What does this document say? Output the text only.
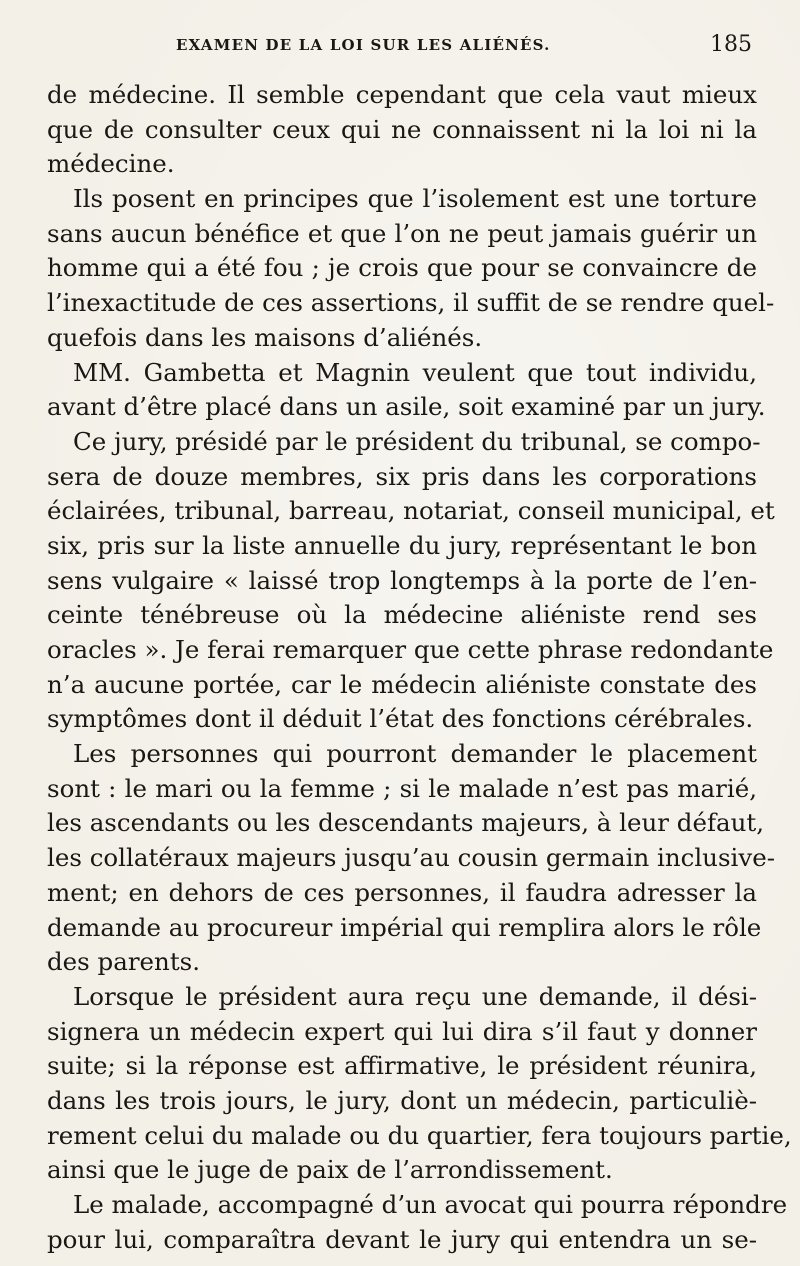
EXAMEN DE LA LOI SUR LES ALIÉNÉS.	185
de médecine. Il semble cependant que cela vaut mieux
que de consulter ceux qui ne connaissent ni la loi ni la
médecine.
Ils posent en principes que l’isolement est une torture
sans aucun bénéfice et que l’on ne peut jamais guérir un
homme qui a été fou ; je crois que pour se convaincre de
l’inexactitude de ces assertions, il suffit de se rendre quel-
quefois dans les maisons d’aliénés.
MM. Gambetta et Magnin veulent que tout individu,
avant d’être placé dans un asile, soit examiné par un jury.
Ce jury, présidé par le président du tribunal, se compo-
sera de douze membres, six pris dans les corporations
éclairées, tribunal, barreau, notariat, conseil municipal, et
six, pris sur la liste annuelle du jury, représentant le bon
sens vulgaire « laissé trop longtemps à la porte de l’en-
ceinte ténébreuse où la médecine aliéniste rend ses
oracles ». Je ferai remarquer que cette phrase redondante
n’a aucune portée, car le médecin aliéniste constate des
symptômes dont il déduit l’état des fonctions cérébrales.
Les personnes qui pourront demander le placement
sont : le mari ou la femme ; si le malade n’est pas marié,
les ascendants ou les descendants majeurs, à leur défaut,
les collatéraux majeurs jusqu’au cousin germain inclusive-
ment; en dehors de ces personnes, il faudra adresser la
demande au procureur impérial qui remplira alors le rôle
des parents.
Lorsque le président aura reçu une demande, il dési-
signera un médecin expert qui lui dira s’il faut y donner
suite; si la réponse est affirmative, le président réunira,
dans les trois jours, le jury, dont un médecin, particuliè-
rement celui du malade ou du quartier, fera toujours partie,
ainsi que le juge de paix de l’arrondissement.
Le malade, accompagné d’un avocat qui pourra répondre
pour lui, comparaîtra devant le jury qui entendra un se-
